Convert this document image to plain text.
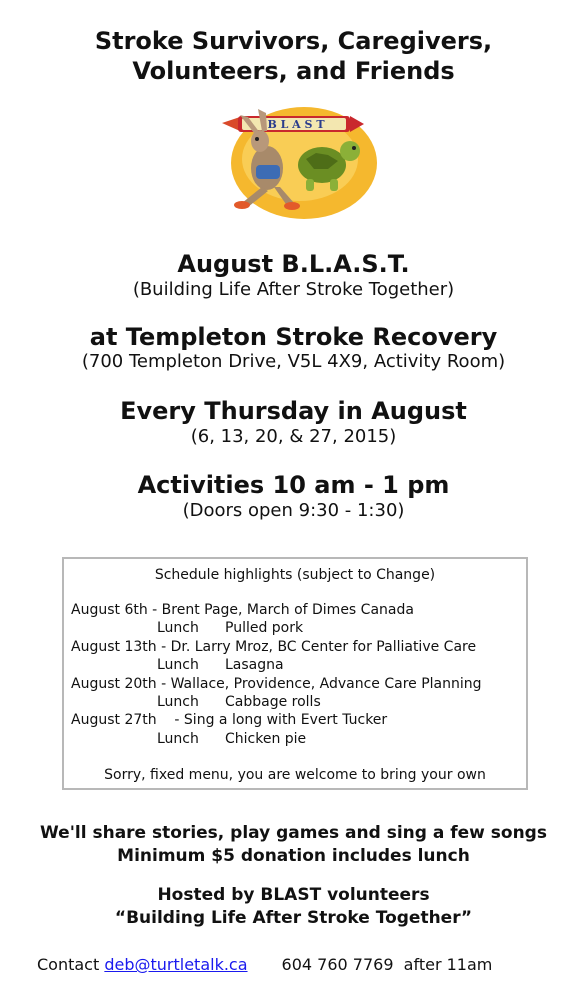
Stroke Survivors, Caregivers,
Volunteers, and Friends
B L A S T
August B.L.A.S.T.
(Building Life After Stroke Together)
at Templeton Stroke Recovery
(700 Templeton Drive, V5L 4X9, Activity Room)
Every Thursday in August
(6, 13, 20, & 27, 2015)
Activities 10 am - 1 pm
(Doors open 9:30 - 1:30)
Schedule highlights (subject to Change)
August 6th - Brent Page, March of Dimes Canada
Lunch Pulled pork
August 13th - Dr. Larry Mroz, BC Center for Palliative Care
Lunch Lasagna
August 20th - Wallace, Providence, Advance Care Planning
Lunch Cabbage rolls
August 27th    - Sing a long with Evert Tucker
Lunch Chicken pie
Sorry, fixed menu, you are welcome to bring your own
We'll share stories, play games and sing a few songs
Minimum $5 donation includes lunch
Hosted by BLAST volunteers
“Building Life After Stroke Together”
Contact deb@turtletalk.ca 604 760 7769 after 11am
